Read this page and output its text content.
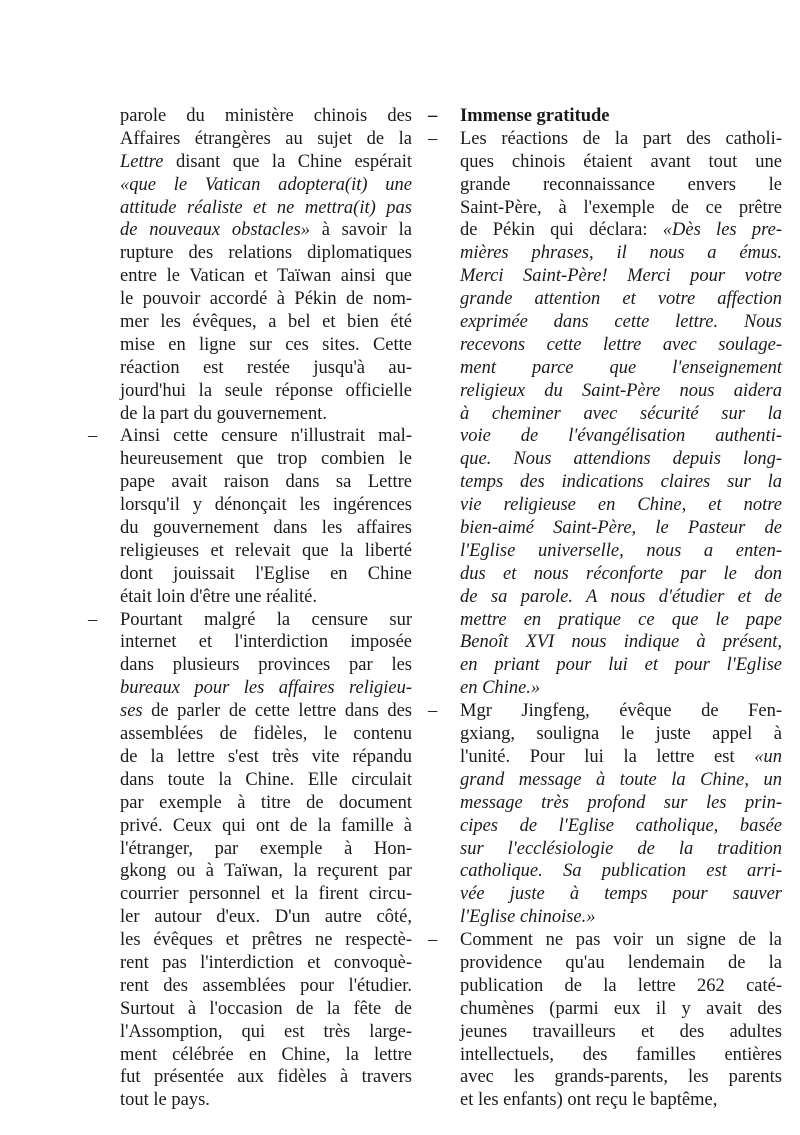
parole du ministère chinois des
Affaires étrangères au sujet de la
Lettre disant que la Chine espérait
«que le Vatican adoptera(it) une
attitude réaliste et ne mettra(it) pas
de nouveaux obstacles» à savoir la
rupture des relations diplomatiques
entre le Vatican et Taïwan ainsi que
le pouvoir accordé à Pékin de nom-
mer les évêques, a bel et bien été
mise en ligne sur ces sites. Cette
réaction est restée jusqu'à au-
jourd'hui la seule réponse officielle
de la part du gouvernement.
– Ainsi cette censure n'illustrait mal-
heureusement que trop combien le
pape avait raison dans sa Lettre
lorsqu'il y dénonçait les ingérences
du gouvernement dans les affaires
religieuses et relevait que la liberté
dont jouissait l'Eglise en Chine
était loin d'être une réalité.
– Pourtant malgré la censure sur
internet et l'interdiction imposée
dans plusieurs provinces par les
bureaux pour les affaires religieu-
ses de parler de cette lettre dans des
assemblées de fidèles, le contenu
de la lettre s'est très vite répandu
dans toute la Chine. Elle circulait
par exemple à titre de document
privé. Ceux qui ont de la famille à
l'étranger, par exemple à Hon-
gkong ou à Taïwan, la reçurent par
courrier personnel et la firent circu-
ler autour d'eux. D'un autre côté,
les évêques et prêtres ne respectè-
rent pas l'interdiction et convoquè-
rent des assemblées pour l'étudier.
Surtout à l'occasion de la fête de
l'Assomption, qui est très large-
ment célébrée en Chine, la lettre
fut présentée aux fidèles à travers
tout le pays.
– Immense gratitude
– Les réactions de la part des catholi-
ques chinois étaient avant tout une
grande reconnaissance envers le
Saint-Père, à l'exemple de ce prêtre
de Pékin qui déclara: «Dès les pre-
mières phrases, il nous a émus.
Merci Saint-Père! Merci pour votre
grande attention et votre affection
exprimée dans cette lettre. Nous
recevons cette lettre avec soulage-
ment parce que l'enseignement
religieux du Saint-Père nous aidera
à cheminer avec sécurité sur la
voie de l'évangélisation authenti-
que. Nous attendions depuis long-
temps des indications claires sur la
vie religieuse en Chine, et notre
bien-aimé Saint-Père, le Pasteur de
l'Eglise universelle, nous a enten-
dus et nous réconforte par le don
de sa parole. A nous d'étudier et de
mettre en pratique ce que le pape
Benoît XVI nous indique à présent,
en priant pour lui et pour l'Eglise
en Chine.»
– Mgr Jingfeng, évêque de Fen-
gxiang, souligna le juste appel à
l'unité. Pour lui la lettre est «un
grand message à toute la Chine, un
message très profond sur les prin-
cipes de l'Eglise catholique, basée
sur l'ecclésiologie de la tradition
catholique. Sa publication est arri-
vée juste à temps pour sauver
l'Eglise chinoise.»
– Comment ne pas voir un signe de la
providence qu'au lendemain de la
publication de la lettre 262 caté-
chumènes (parmi eux il y avait des
jeunes travailleurs et des adultes
intellectuels, des familles entières
avec les grands-parents, les parents
et les enfants) ont reçu le baptême,
